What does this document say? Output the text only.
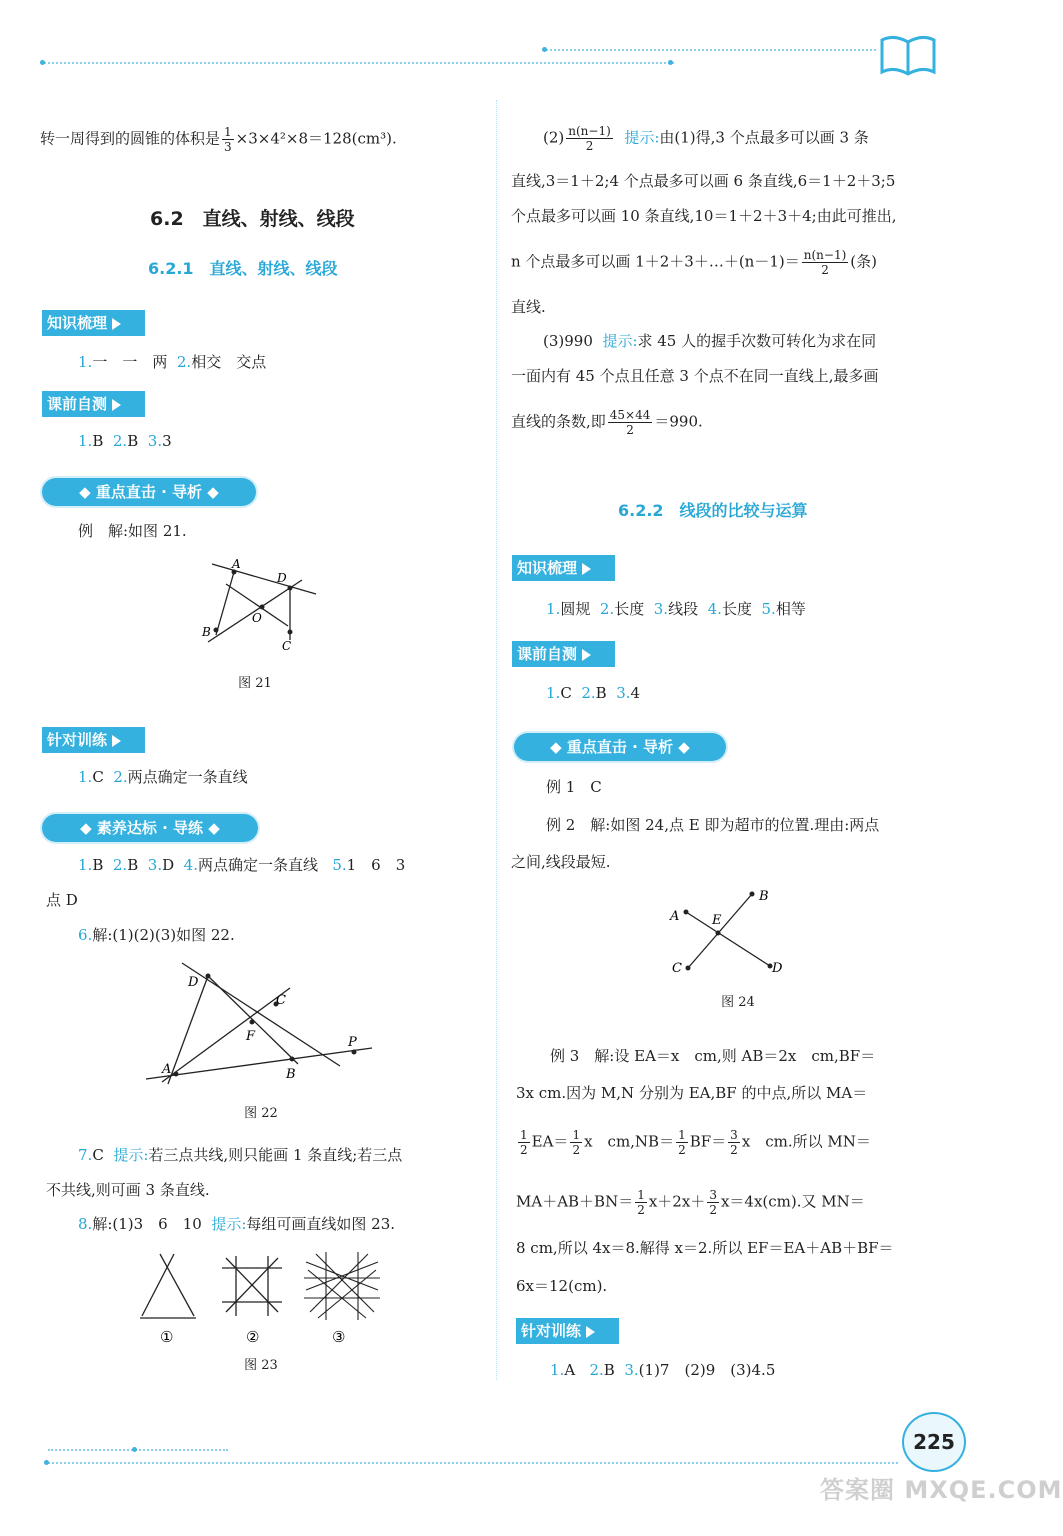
转一周得到的圆锥的体积是 $\frac{1}{3} \times 3\times 4^2\times 8=128(cm^3)$.
6.2　直线、射线、线段
6.2.1　直线、射线、线段
知识梳理
1.一　一　两 2.相交　交点
课前自测
1.B 2.B 3.3
◆ 重点直击 · 导析 ◆
例　解:如图 21.
A
D
O
B
C
图 21
针对训练
1.C 2.两点确定一条直线
◆ 素养达标 · 导练 ◆
1.B 2.B 3.D 4.两点确定一条直线 5.1　6　3
点 D
6.解:(1)(2)(3)如图 22.
D
C
F	P
A	B
图 22
7.C 提示:若三点共线,则只能画 1 条直线;若三点
不共线,则可画 3 条直线.
8.解:(1)3　6　10 提示:每组可画直线如图 23.
①	②	③
图 23
$(2) \frac{n(n-1)}{2}$ 提示:由(1)得,3 个点最多可以画 3 条
直线,3＝1＋2;4 个点最多可以画 6 条直线,6＝1＋2＋3;5
个点最多可以画 10 条直线,10＝1＋2＋3＋4;由此可推出,
n 个点最多可以画 1＋2＋3＋…＋(n－1)＝ $\frac{n(n-1)}{2}$ (条)
直线.
(3)990 提示:求 45 人的握手次数可转化为求在同
一面内有 45 个点且任意 3 个点不在同一直线上,最多画
直线的条数,即 $\frac{45\times 44}{2} =990$.
6.2.2　线段的比较与运算
知识梳理
1.圆规 2.长度 3.线段 4.长度 5.相等
课前自测
1.C 2.B 3.4
◆ 重点直击 · 导析 ◆
例 1　C
例 2　解:如图 24,点 E 即为超市的位置.理由:两点
之间,线段最短.
B
A	E
C	D
图 24
例 3　解:设 EA＝x　cm,则 AB＝2x　cm,BF＝
3x cm.因为 M,N 分别为 EA,BF 的中点,所以 MA＝
$\frac{1}{2} EA= \frac{1}{2}$ x　$cm,NB= \frac{1}{2} BF= \frac{3}{2}$ x　cm.所以 MN＝
$MA+AB+BN= \frac{1}{2} x+2x+ \frac{3}{2} x=4x(cm)$.又 MN＝
8 cm,所以 4x＝8.解得 x＝2.所以 EF＝EA＋AB＋BF＝
6x＝12(cm).
针对训练
1.A 2.B 3.(1)7　(2)9　(3)4.5
225
答案圈 MXQE.COM
